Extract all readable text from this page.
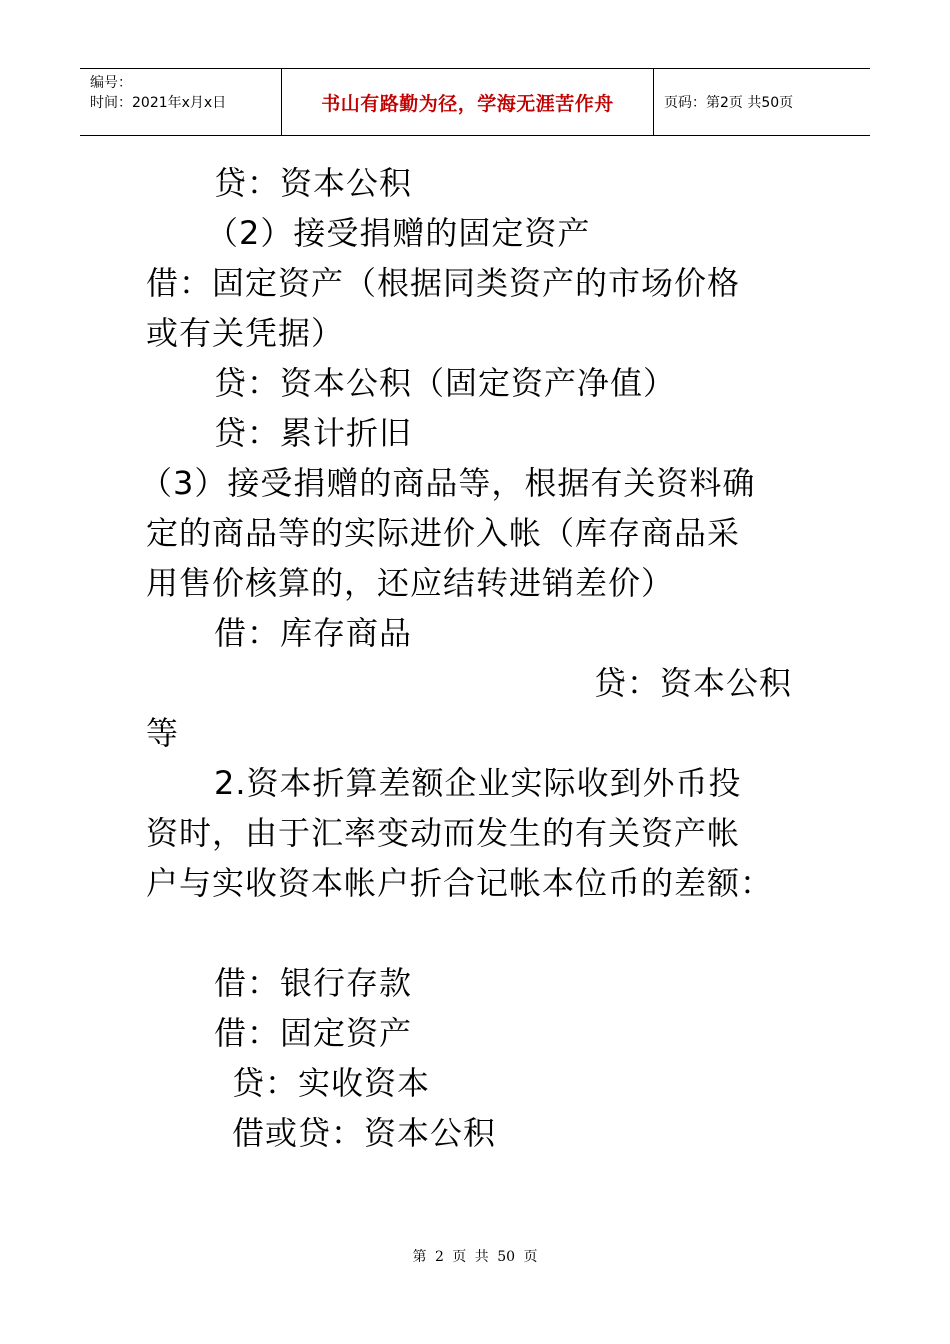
编号：
时间：2021年x月x日	书山有路勤为径，学海无涯苦作舟	页码：第2页 共50页
贷：资本公积
（2）接受捐赠的固定资产
借：固定资产（根据同类资产的市场价格
或有关凭据）
贷：资本公积（固定资产净值）
贷：累计折旧
（3）接受捐赠的商品等，根据有关资料确
定的商品等的实际进价入帐（库存商品采
用售价核算的，还应结转进销差价）
借：库存商品
贷：资本公积
等
2.资本折算差额企业实际收到外币投
资时，由于汇率变动而发生的有关资产帐
户与实收资本帐户折合记帐本位币的差额：
借：银行存款
借：固定资产
贷：实收资本
借或贷：资本公积
第 2 页 共 50 页
